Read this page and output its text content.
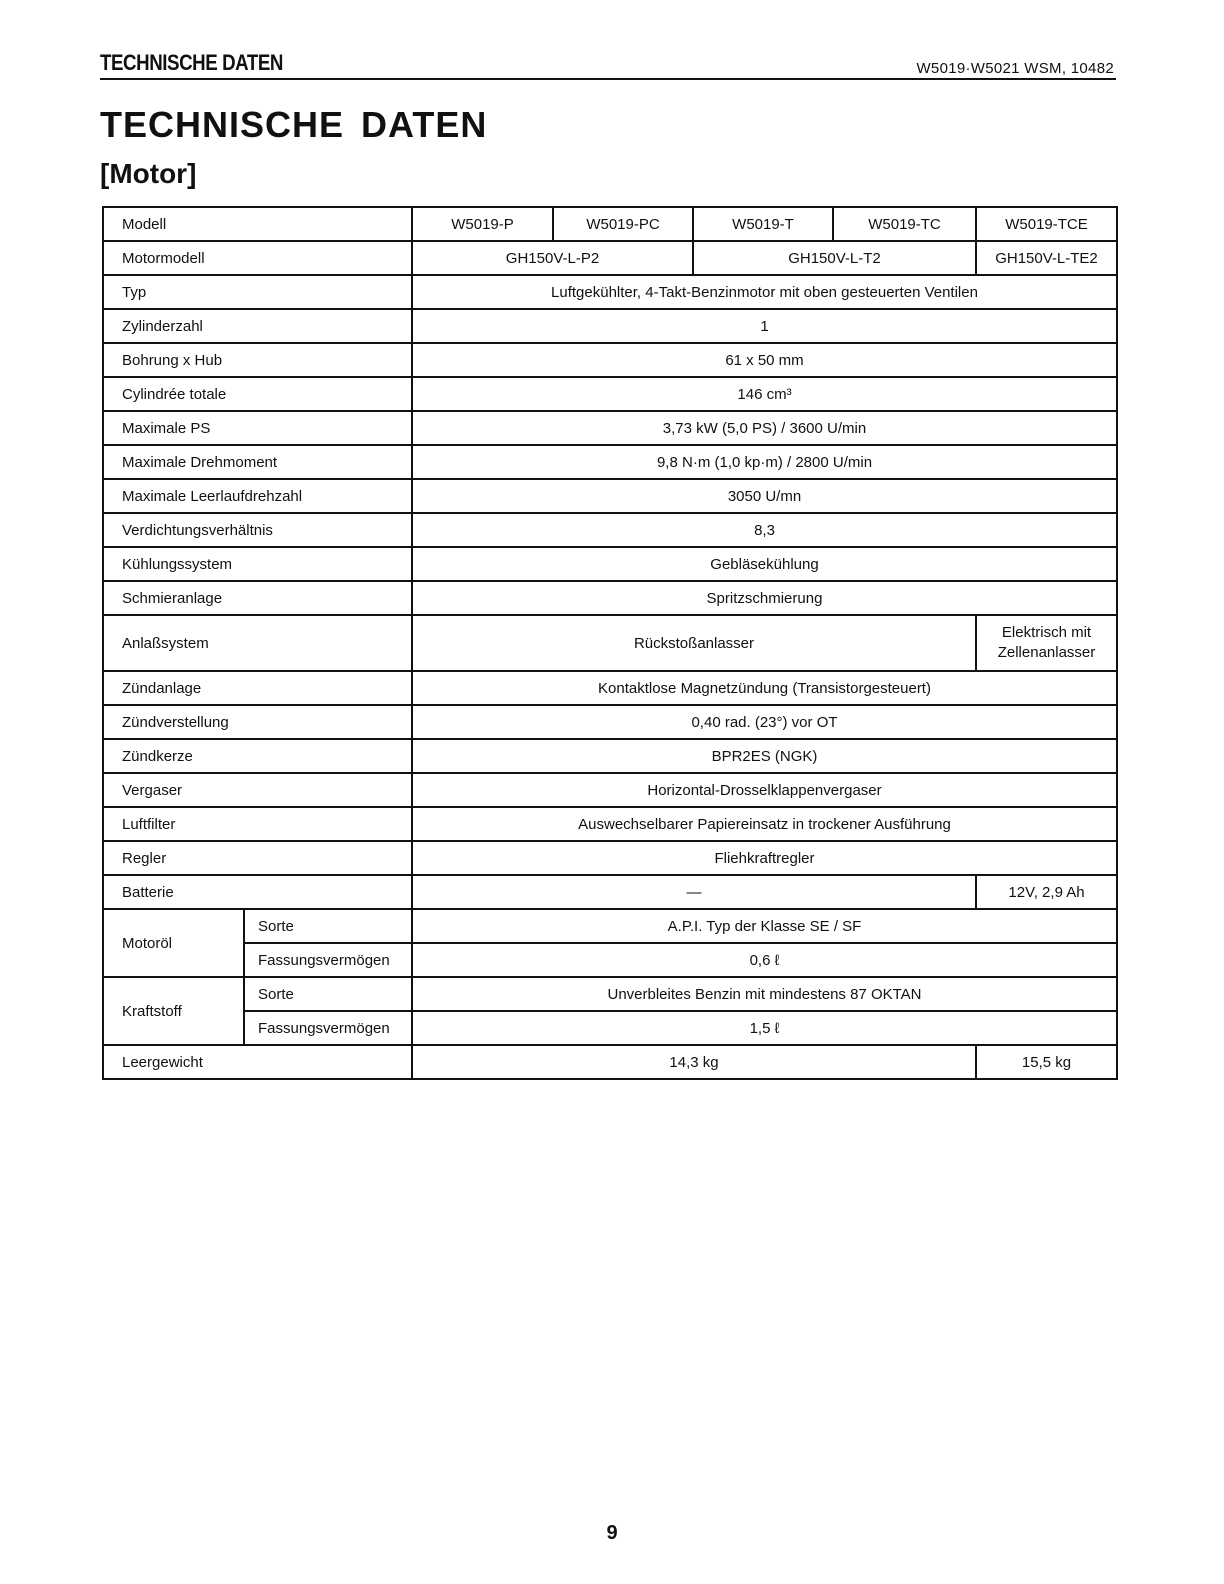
TECHNISCHE DATEN	W5019·W5021 WSM, 10482
TECHNISCHE DATEN
[Motor]
Modell		W5019-P	W5019-PC	W5019-T	W5019-TC	W5019-TCE
Motormodell		GH150V-L-P2		GH150V-L-T2		GH150V-L-TE2
Typ		Luftgekühlter, 4-Takt-Benzinmotor mit oben gesteuerten Ventilen				
Zylinderzahl		1				
Bohrung x Hub		61 x 50 mm				
Cylindrée totale		146 cm³				
Maximale PS		3,73 kW (5,0 PS) / 3600 U/min				
Maximale Drehmoment		9,8 N·m (1,0 kp·m) / 2800 U/min				
Maximale Leerlaufdrehzahl		3050 U/mn				
Verdichtungsverhältnis		8,3				
Kühlungssystem		Gebläsekühlung				
Schmieranlage		Spritzschmierung				
Anlaßsystem		Rückstoßanlasser				Elektrisch mit Zellenanlasser
Zündanlage		Kontaktlose Magnetzündung (Transistorgesteuert)				
Zündverstellung		0,40 rad. (23°) vor OT				
Zündkerze		BPR2ES (NGK)				
Vergaser		Horizontal-Drosselklappenvergaser				
Luftfilter		Auswechselbarer Papiereinsatz in trockener Ausführung				
Regler		Fliehkraftregler				
Batterie		—				12V, 2,9 Ah
Motoröl	Sorte	A.P.I. Typ der Klasse SE / SF				
	Fassungsvermögen	0,6 ℓ				
Kraftstoff	Sorte	Unverbleites Benzin mit mindestens 87 OKTAN				
	Fassungsvermögen	1,5 ℓ				
Leergewicht		14,3 kg				15,5 kg
9
